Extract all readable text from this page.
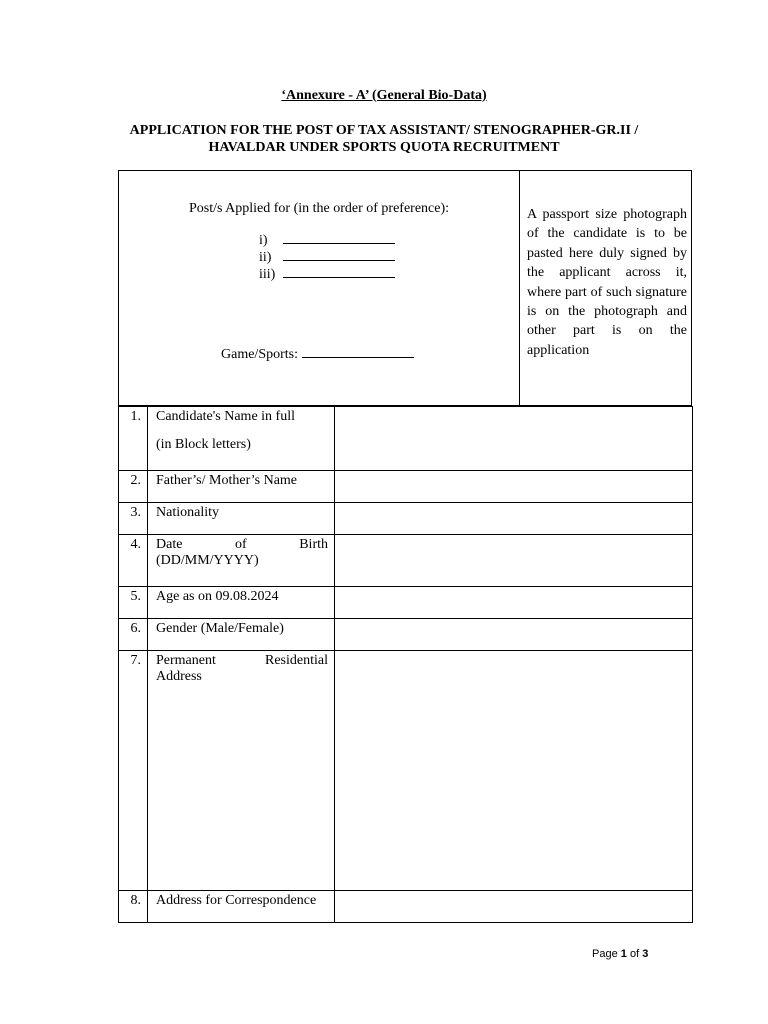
‘Annexure - A’ (General Bio-Data)
APPLICATION FOR THE POST OF TAX ASSISTANT/ STENOGRAPHER-GR.II /
HAVALDAR UNDER SPORTS QUOTA RECRUITMENT
Post/s Applied for (in the order of preference):
i)
ii)
iii)
Game/Sports:
A passport size photograph of the candidate is to be pasted here duly signed by the applicant across it, where part of such signature is on the photograph and other part is on the application
1.	Candidate's Name in full
(in Block letters)	

2.	Father’s/ Mother’s Name	
3.	Nationality	
4.	Date of Birth
(DD/MM/YYYY)	

5.	Age as on 09.08.2024	
6.	Gender (Male/Female)	
7.	Permanent Residential
Address	

8.	Address for Correspondence	
Page 1 of 3
